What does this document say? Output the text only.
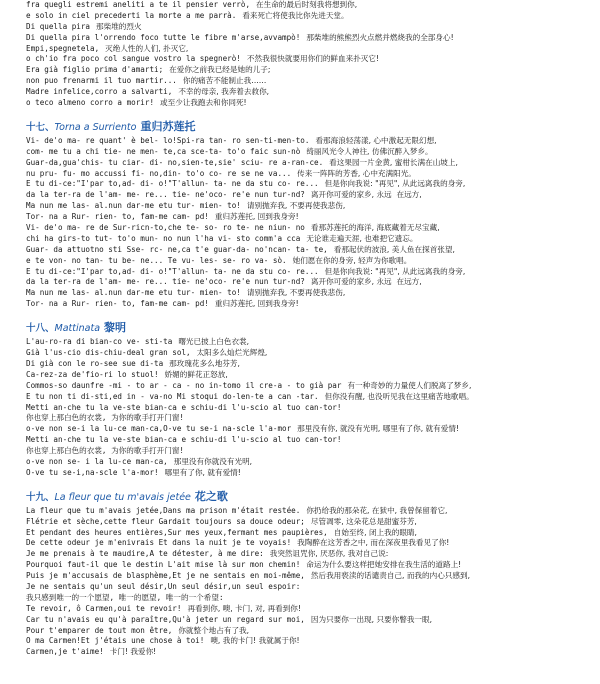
fra quegli estremi aneliti a te il pensier verrò, 在生命的最后时刻我将想到你,
e solo in ciel precederti la morte a me parrà. 看来死亡将使我比你先进天堂。
Di quella pira 那柴堆的烈火
Di quella pira l'orrendo foco tutte le fibre m'arse,avvampò! 那柴堆的熊熊烈火点燃并燃烧我的全部身心!
Empi,spegnetela, 灭绝人性的人们, 扑灭它,
o ch'io fra poco col sangue vostro la spegnerò! 不然我很快就要用你们的鲜血来扑灭它!
Era già figlio prima d'amarti; 在爱你之前我已经是她的儿子;
non puo frenarmi il tuo martir... 你的痛苦不能制止我……
Madre infelice,corro a salvarti, 不幸的母亲, 我奔着去救你,
o teco almeno corro a morir! 或至少让我跑去和你同死!
十七、Torna a Surriento 重归苏莲托
Vi- de'o ma- re quant' è bel- lo!Spi-ra tan- ro sen-ti-men-to. 看那海浪轻荡漾, 心中激起无限幻想,
com- me tu a chi tie- ne men- te,ca sce-ta- to'o faic sun-nò 绮丽风光令人神往, 仿佛沉醉入梦乡。
Guar-da,gua'chis- tu ciar- di- no,sien-te,sie' sciu- re a-ran-ce. 看这果园一片金黄, 蜜柑长满在山坡上,
nu pru- fu- mo accussi fi- no,din- to'o co- re se ne va... 传来一阵阵的芳香, 心中充满阳光。
E tu di-ce:"I'par to,ad- di- o!"T'allun- ta- ne da stu co- re... 但是你向我说: "再见", 从此远离我的身旁,
da la ter-ra de l'am- me- re... tie- ne'oco- re'e nun tur-nd? 离开你可爱的家乡, 永远  在远方,
Ma nun me las- al.nun dar-me etu tur- mien- to! 请别抛弃我, 不要再使我悲伤,
Tor- na a Rur- rien- to, fam-me cam- pd! 重归苏莲托, 回到我身旁!
Vi- de'o ma- re de Sur-ricn-to,che te- so- ro te- ne niun- no 看那苏莲托的海洋, 海底藏着无尽宝藏,
chi ha girs-to tut- to'o mun- no nun l'ha vi- sto comm'a cca 无论谁走遍天涯, 也难把它遗忘。
Guar- da attuotno sti Sse- rc- ne,ca t'e guar-da- no'ncan- ta- te, 看那起伏的波浪, 美人鱼在探首张望,
e te von- no tan- tu be- ne... Te vu- les- se- ro va- sò. 她们愿在你的身旁, 轻声为你歌唱。
E tu di-ce:"I'par to,ad- di- o!"T'allun- ta- ne da stu co- re... 但是你向我说: "再见", 从此远离我的身旁,
da la ter-ra de l'am- me- re... tie- ne'oco- re'e nun tur-nd? 离开你可爱的家乡, 永远  在远方,
Ma nun me las- al.nun dar-me etu tur- mien- to! 请别抛弃我, 不要再使我悲伤,
Tor- na a Rur- rien- to, fam-me cam- pd! 重归苏莲托, 回到我身旁!
十八、Mattinata 黎明
L'au-ro-ra di bian-co ve- sti-ta 曙光已披上白色衣裳,
Già l'us-cio dis-chiu-deal gran sol, 太阳多么灿烂光辉煌,
Di già con le ro-see sue di-ta 那玫瑰花多么地芬芳,
Ca-rez-za de'fio-ri lo stuol! 娇媚的鲜花正怒放,
Commos-so daunfre -mi - to ar - ca - no in-tomo il cre-a - to già par 有一种奇妙的力量使人们脱离了梦乡,
E tu non ti di-sti,ed in - va-no Mi stoqui do-len-te a can -tar. 但你没有醒, 也没听见我在这里痛苦地歌唱。
Metti an-che tu la ve-ste bian-ca e schiu-di l'u-scio al tuo can-tor!
你也穿上那白色的衣裳, 为你的歌手打开门窗!
o-ve non se-i la lu-ce man-ca,O-ve tu se-i na-scle l'a-mor 那里没有你, 就没有光明, 哪里有了你, 就有爱情!
Metti an-che tu la ve-ste bian-ca e schiu-di l'u-scio al tuo can-tor!
你也穿上那白色的衣裳, 为你的歌手打开门窗!
o-ve non se- i la lu-ce man-ca, 那里没有你就没有光明,
O-ve tu se-i,na-scle l'a-mor! 哪里有了你, 就有爱情!
十九、La fleur que tu m'avais jetée 花之歌
La fleur que tu m'avais jetée,Dans ma prison m'était restée. 你扔给我的那朵花, 在狱中, 我曾保留着它,
Flétrie et sèche,cette fleur Gardait toujours sa douce odeur; 尽管凋零, 这朵花总是甜蜜芬芳,
Et pendant des heures entières,Sur mes yeux,fermant mes paupières, 自始至终, 闭上我的眼睛,
De cette odeur je m'enivrais Et dans la nuit je te voyais! 我陶醉在这芳香之中, 而在深夜里我看见了你!
Je me prenais à te maudire,A te détester, à me dire: 我突然诅咒你, 厌恶你, 我对自己说:
Pourquoi faut-il que le destin L'ait mise là sur mon chemin! 命运为什么要这样把她安排在我生活的道路上!
Puis je m'accusais de blasphème,Et je ne sentais en moi-même, 然后我用亵渎的话谴责自己, 而我的内心只感到,
Je ne sentais qu'un seul désir,Un seul désir,un seul espoir:
我只感到唯一的一个愿望, 唯一的愿望, 唯一的一个希望:
Te revoir, ô Carmen,oui te revoir! 再看到你, 噢, 卡门, 对, 再看到你!
Car tu n'avais eu qu'à paraître,Qu'à jeter un regard sur moi, 因为只要你一出现, 只要你瞥我一眼,
Pour t'emparer de tout mon être, 你就整个地占有了我,
O ma Carmen!Et j'étais une chose à toi! 噢, 我的卡门! 我就属于你!
Carmen,je t'aime! 卡门! 我爱你!
